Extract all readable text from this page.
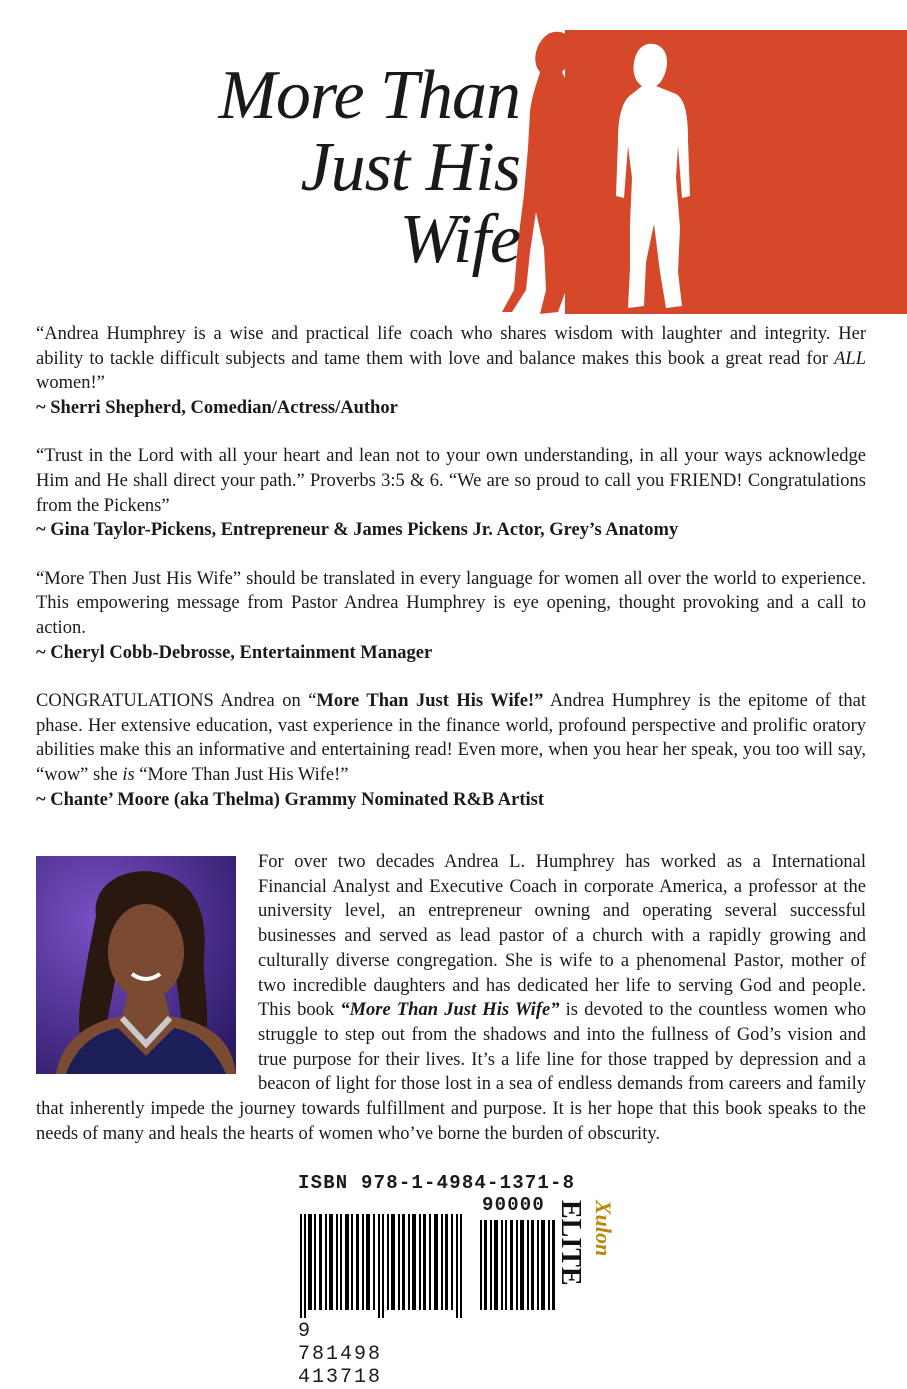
More Than
Just His
Wife

“Andrea Humphrey is a wise and practical life coach who shares wisdom with laughter and integrity. Her ability to tackle difficult subjects and tame them with love and balance makes this book a great read for ALL women!”

~ Sherri Shepherd, Comedian/Actress/Author

“Trust in the Lord with all your heart and lean not to your own understanding, in all your ways acknowledge Him and He shall direct your path.” Proverbs 3:5 & 6. “We are so proud to call you FRIEND! Congratulations from the Pickens”

~ Gina Taylor-Pickens, Entrepreneur & James Pickens Jr. Actor, Grey’s Anatomy

“More Then Just His Wife” should be translated in every language for women all over the world to experience. This empowering message from Pastor Andrea Humphrey is eye opening, thought provoking and a call to action.

~ Cheryl Cobb-Debrosse, Entertainment Manager

CONGRATULATIONS Andrea on “More Than Just His Wife!” Andrea Humphrey is the epitome of that phase. Her extensive education, vast experience in the finance world, profound perspective and prolific oratory abilities make this an informative and entertaining read! Even more, when you hear her speak, you too will say, “wow” she is “More Than Just His Wife!”

~ Chante’ Moore (aka Thelma) Grammy Nominated R&B Artist

For over two decades Andrea L. Humphrey has worked as a International Financial Analyst and Executive Coach in corporate America, a professor at the university level, an entrepreneur owning and operating several successful businesses and served as lead pastor of a church with a rapidly growing and culturally diverse congregation. She is wife to a phenomenal Pastor, mother of two incredible daughters and has dedicated her life to serving God and people. This book “More Than Just His Wife” is devoted to the countless women who struggle to step out from the shadows and into the fullness of God’s vision and true purpose for their lives. It’s a life line for those trapped by depression and a beacon of light for those lost in a sea of endless demands from careers and family that inherently impede the journey towards fulfillment and purpose. It is her hope that this book speaks to the needs of many and heals the hearts of women who’ve borne the burden of obscurity.

ISBN 978-1-4984-1371-8
90000
9 781498 413718
ELITE Xulon
